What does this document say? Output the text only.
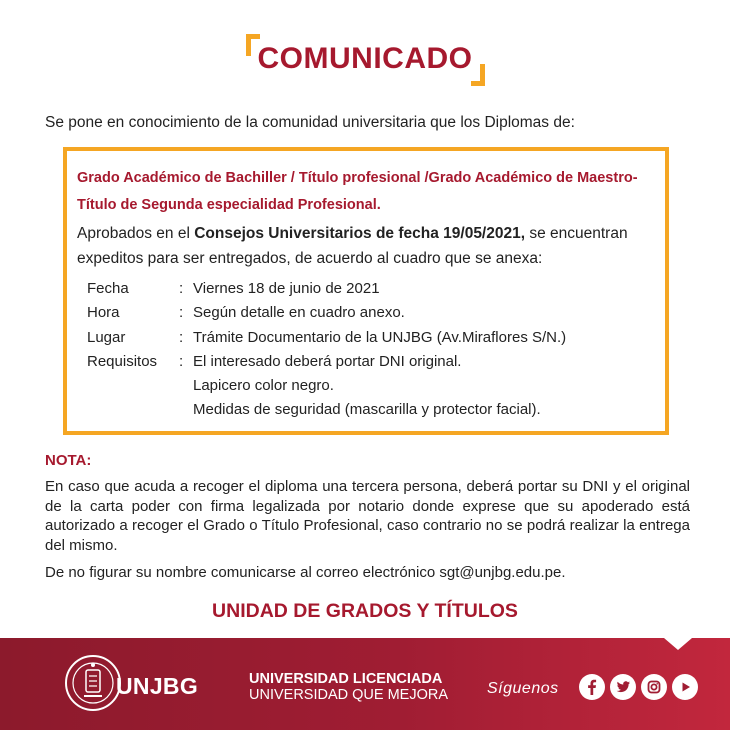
COMUNICADO
Se pone en conocimiento de la comunidad universitaria que los Diplomas de:
Grado Académico de Bachiller / Título profesional /Grado Académico de Maestro-
Título de Segunda especialidad Profesional.
Aprobados en el Consejos Universitarios de fecha 19/05/2021, se encuentran expeditos para ser entregados, de acuerdo al cuadro que se anexa:
Fecha	: Viernes 18 de junio de 2021
Hora	: Según detalle en cuadro anexo.
Lugar	: Trámite Documentario de la UNJBG (Av.Miraflores S/N.)
Requisitos : El interesado deberá portar DNI original.
Lapicero color negro.
Medidas de seguridad (mascarilla y protector facial).
NOTA:
En caso que acuda a recoger el diploma una tercera persona, deberá portar su DNI y el original de la carta poder con firma legalizada por notario donde exprese que su apoderado está autorizado a recoger el Grado o Título Profesional, caso contrario no se podrá realizar la entrega del mismo.
De no figurar su nombre comunicarse al correo electrónico sgt@unjbg.edu.pe.
UNIDAD DE GRADOS Y TÍTULOS
UNJBG	UNIVERSIDAD LICENCIADA
UNIVERSIDAD QUE MEJORA Síguenos
